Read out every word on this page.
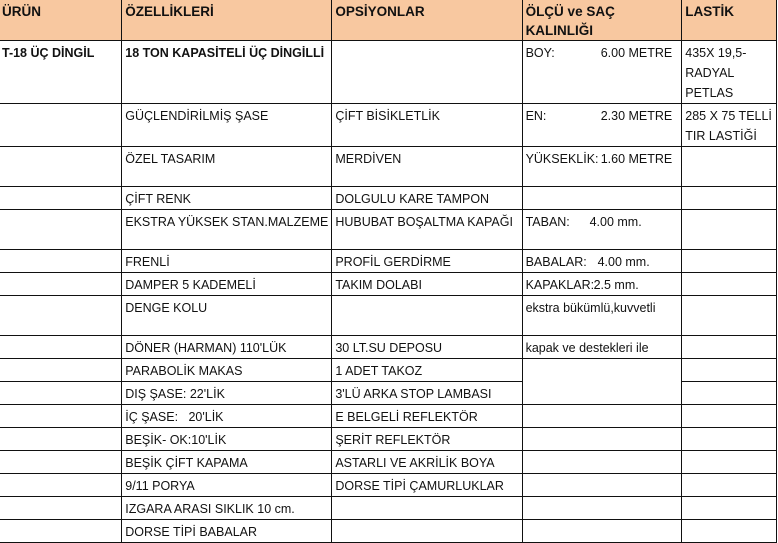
ÜRÜN	ÖZELLİKLERİ	OPSİYONLAR	ÖLÇÜ ve SAÇ KALINLIĞI	LASTİK
T-18 ÜÇ DİNGİL	18 TON KAPASİTELİ ÜÇ DİNGİLLİ		BOY: 6.00 METRE	435X 19,5-RADYAL PETLAS
	GÜÇLENDİRİLMİŞ ŞASE	ÇİFT BİSİKLETLİK	EN: 2.30 METRE	285 X 75 TELLİ TIR LASTİĞİ
	ÖZEL TASARIM	MERDİVEN	YÜKSEKLİK: 1.60 METRE	

	ÇİFT RENK	DOLGULU KARE TAMPON		
	EKSTRA YÜKSEK STAN.MALZEME	HUBUBAT BOŞALTMA KAPAĞI	TABAN: 4.00 mm.	
	FRENLİ	PROFİL GERDİRME	BABALAR: 4.00 mm.	
	DAMPER 5 KADEMELİ	TAKIM DOLABI	KAPAKLAR:2.5 mm.	
	DENGE KOLU		ekstra bükümlü,kuvvetli	
	DÖNER (HARMAN) 110'LÜK	30 LT.SU DEPOSU	kapak ve destekleri ile	
	PARABOLİK MAKAS	1 ADET TAKOZ		
	DIŞ ŞASE: 22'LİK	3'LÜ ARKA STOP LAMBASI		
	İÇ ŞASE:   20'LİK	E BELGELİ REFLEKTÖR		
	BEŞİK- OK:10'LİK	ŞERİT REFLEKTÖR		
	BEŞİK ÇİFT KAPAMA	ASTARLI VE AKRİLİK BOYA		
	9/11 PORYA	DORSE TİPİ ÇAMURLUKLAR		
	IZGARA ARASI SIKLIK 10 cm.			
	DORSE TİPİ BABALAR			
